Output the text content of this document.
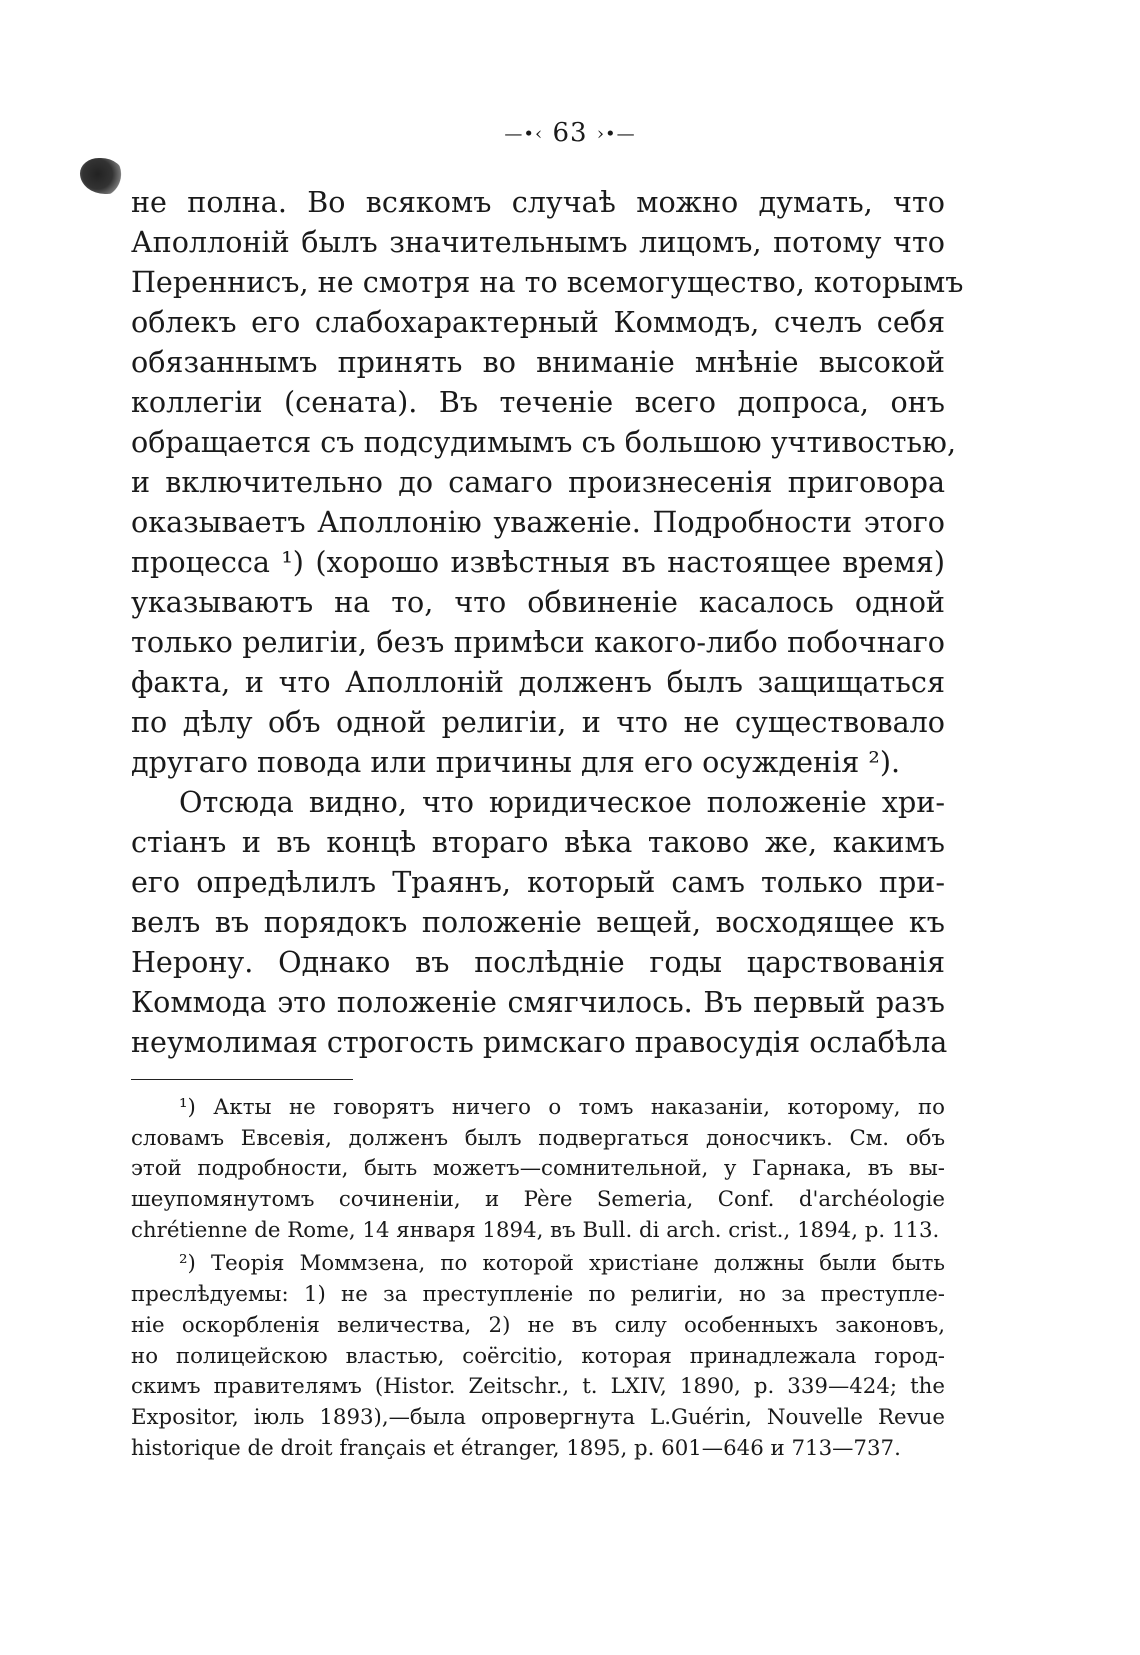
—•‹ 63 ›•—
не полна. Во всякомъ случаѣ можно думать, что
Аполлоній былъ значительнымъ лицомъ, потому что
Переннисъ, не смотря на то всемогущество, которымъ
облекъ его слабохарактерный Коммодъ, счелъ себя
обязаннымъ принять во вниманіе мнѣніе высокой
коллегіи (сената). Въ теченіе всего допроса, онъ
обращается съ подсудимымъ съ большою учтивостью,
и включительно до самаго произнесенія приговора
оказываетъ Аполлонію уваженіе. Подробности этого
процесса ¹) (хорошо извѣстныя въ настоящее время)
указываютъ на то, что обвиненіе касалось одной
только религіи, безъ примѣси какого-либо побочнаго
факта, и что Аполлоній долженъ былъ защищаться
по дѣлу объ одной религіи, и что не существовало
другаго повода или причины для его осужденія ²).
Отсюда видно, что юридическое положеніе хри-
стіанъ и въ концѣ втораго вѣка таково же, какимъ
его опредѣлилъ Траянъ, который самъ только при-
велъ въ порядокъ положеніе вещей, восходящее къ
Нерону. Однако въ послѣдніе годы царствованія
Коммода это положеніе смягчилось. Въ первый разъ
неумолимая строгость римскаго правосудія ослабѣла
¹) Акты не говорятъ ничего о томъ наказаніи, которому, по
словамъ Евсевія, долженъ былъ подвергаться доносчикъ. См. объ
этой подробности, быть можетъ—сомнительной, у Гарнака, въ вы-
шеупомянутомъ сочиненіи, и Père Semeria, Conf. d'archéologie
chrétienne de Rome, 14 января 1894, въ Bull. di arch. crist., 1894, p. 113.
²) Теорія Моммзена, по которой христіане должны были быть
преслѣдуемы: 1) не за преступленіе по религіи, но за преступле-
ніе оскорбленія величества, 2) не въ силу особенныхъ законовъ,
но полицейскою властью, coërcitio, которая принадлежала город-
скимъ правителямъ (Histor. Zeitschr., t. LXIV, 1890, p. 339—424; the
Expositor, іюль 1893),—была опровергнута L.Guérin, Nouvelle Revue
historique de droit français et étranger, 1895, p. 601—646 и 713—737.
